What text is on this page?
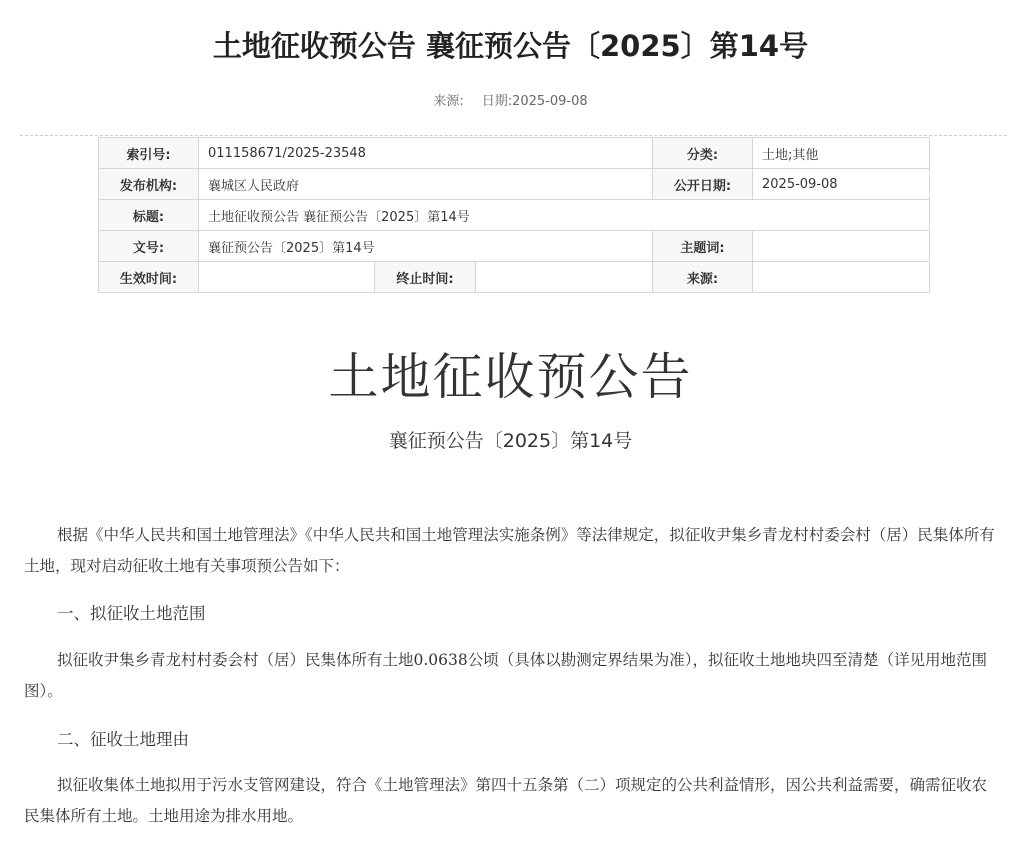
土地征收预公告 襄征预公告〔2025〕第14号
来源: 日期:2025-09-08
索引号:	011158671/2025-23548			分类:	土地;其他
发布机构:	襄城区人民政府			公开日期:	2025-09-08
标题:	土地征收预公告 襄征预公告〔2025〕第14号				
文号:	襄征预公告〔2025〕第14号			主题词:	
生效时间:		终止时间:		来源:	
土地征收预公告
襄征预公告〔2025〕第14号

根据《中华人民共和国土地管理法》《中华人民共和国土地管理法实施条例》等法律规定，拟征收尹集乡青龙村村委会村（居）民集体所有土地，现对启动征收土地有关事项预公告如下：

一、拟征收土地范围

拟征收尹集乡青龙村村委会村（居）民集体所有土地0.0638公顷（具体以勘测定界结果为准），拟征收土地地块四至清楚（详见用地范围图）。

二、征收土地理由

拟征收集体土地拟用于污水支管网建设，符合《土地管理法》第四十五条第（二）项规定的公共利益情形，因公共利益需要，确需征收农民集体所有土地。土地用途为排水用地。
